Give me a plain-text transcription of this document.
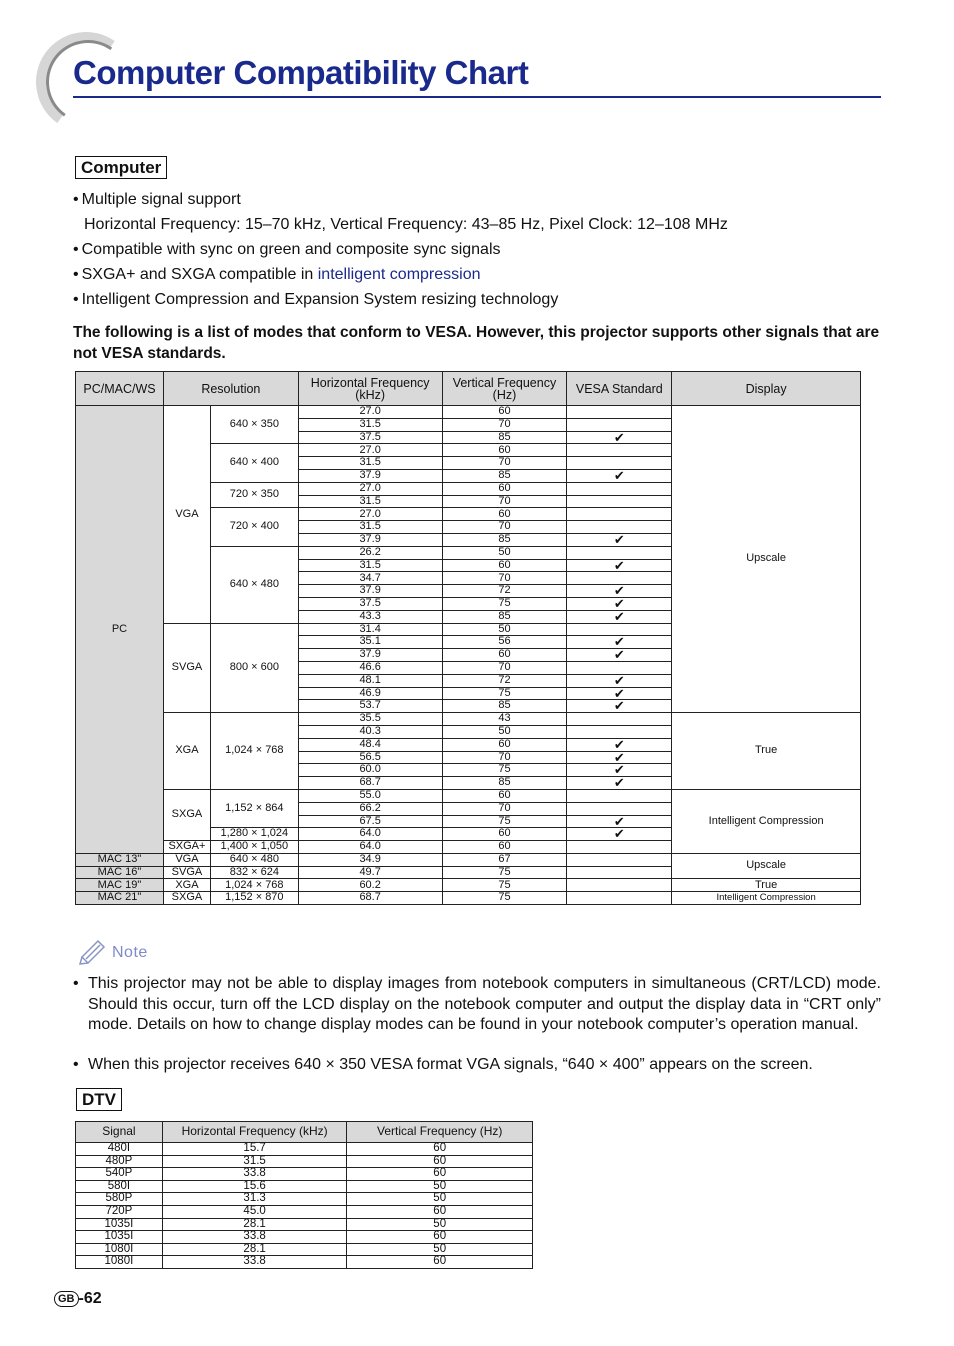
Computer Compatibility Chart
Computer
• Multiple signal support
Horizontal Frequency: 15–70 kHz, Vertical Frequency: 43–85 Hz, Pixel Clock: 12–108 MHz
• Compatible with sync on green and composite sync signals
• SXGA+ and SXGA compatible in intelligent compression
• Intelligent Compression and Expansion System resizing technology
The following is a list of modes that conform to VESA. However, this projector supports other signals that are not VESA standards.
PC/MAC/WS	Resolution		Horizontal Frequency (kHz)	Vertical Frequency (Hz)	VESA Standard	Display
PC	VGA	640 × 350	27.0	60		Upscale
			31.5	70		
			37.5	85	✔	
		640 × 400	27.0	60		
			31.5	70		
			37.9	85	✔	
		720 × 350	27.0	60		
			31.5	70		
		720 × 400	27.0	60		
			31.5	70		
			37.9	85	✔	
		640 × 480	26.2	50		
			31.5	60	✔	
			34.7	70		
			37.9	72	✔	
			37.5	75	✔	
			43.3	85	✔	
	SVGA	800 × 600	31.4	50		
			35.1	56	✔	
			37.9	60	✔	
			46.6	70		
			48.1	72	✔	
			46.9	75	✔	
			53.7	85	✔	
	XGA	1,024 × 768	35.5	43		True
			40.3	50		
			48.4	60	✔	
			56.5	70	✔	
			60.0	75	✔	
			68.7	85	✔	
	SXGA	1,152 × 864	55.0	60		Intelligent Compression
			66.2	70		
			67.5	75	✔	
		1,280 × 1,024	64.0	60	✔	
	SXGA+	1,400 × 1,050	64.0	60		
MAC 13"	VGA	640 × 480	34.9	67		Upscale
MAC 16"	SVGA	832 × 624	49.7	75		
MAC 19"	XGA	1,024 × 768	60.2	75		True
MAC 21"	SXGA	1,152 × 870	68.7	75		Intelligent Compression
Note
• This projector may not be able to display images from notebook computers in simultaneous (CRT/LCD) mode. Should this occur, turn off the LCD display on the notebook computer and output the display data in “CRT only” mode. Details on how to change display modes can be found in your notebook computer’s operation manual.
• When this projector receives 640 × 350 VESA format VGA signals, “640 × 400” appears on the screen.
DTV
Signal	Horizontal Frequency (kHz)	Vertical Frequency (Hz)
480I	15.7	60
480P	31.5	60
540P	33.8	60
580I	15.6	50
580P	31.3	50
720P	45.0	60
1035I	28.1	50
1035I	33.8	60
1080I	28.1	50
1080I	33.8	60
GB -62
